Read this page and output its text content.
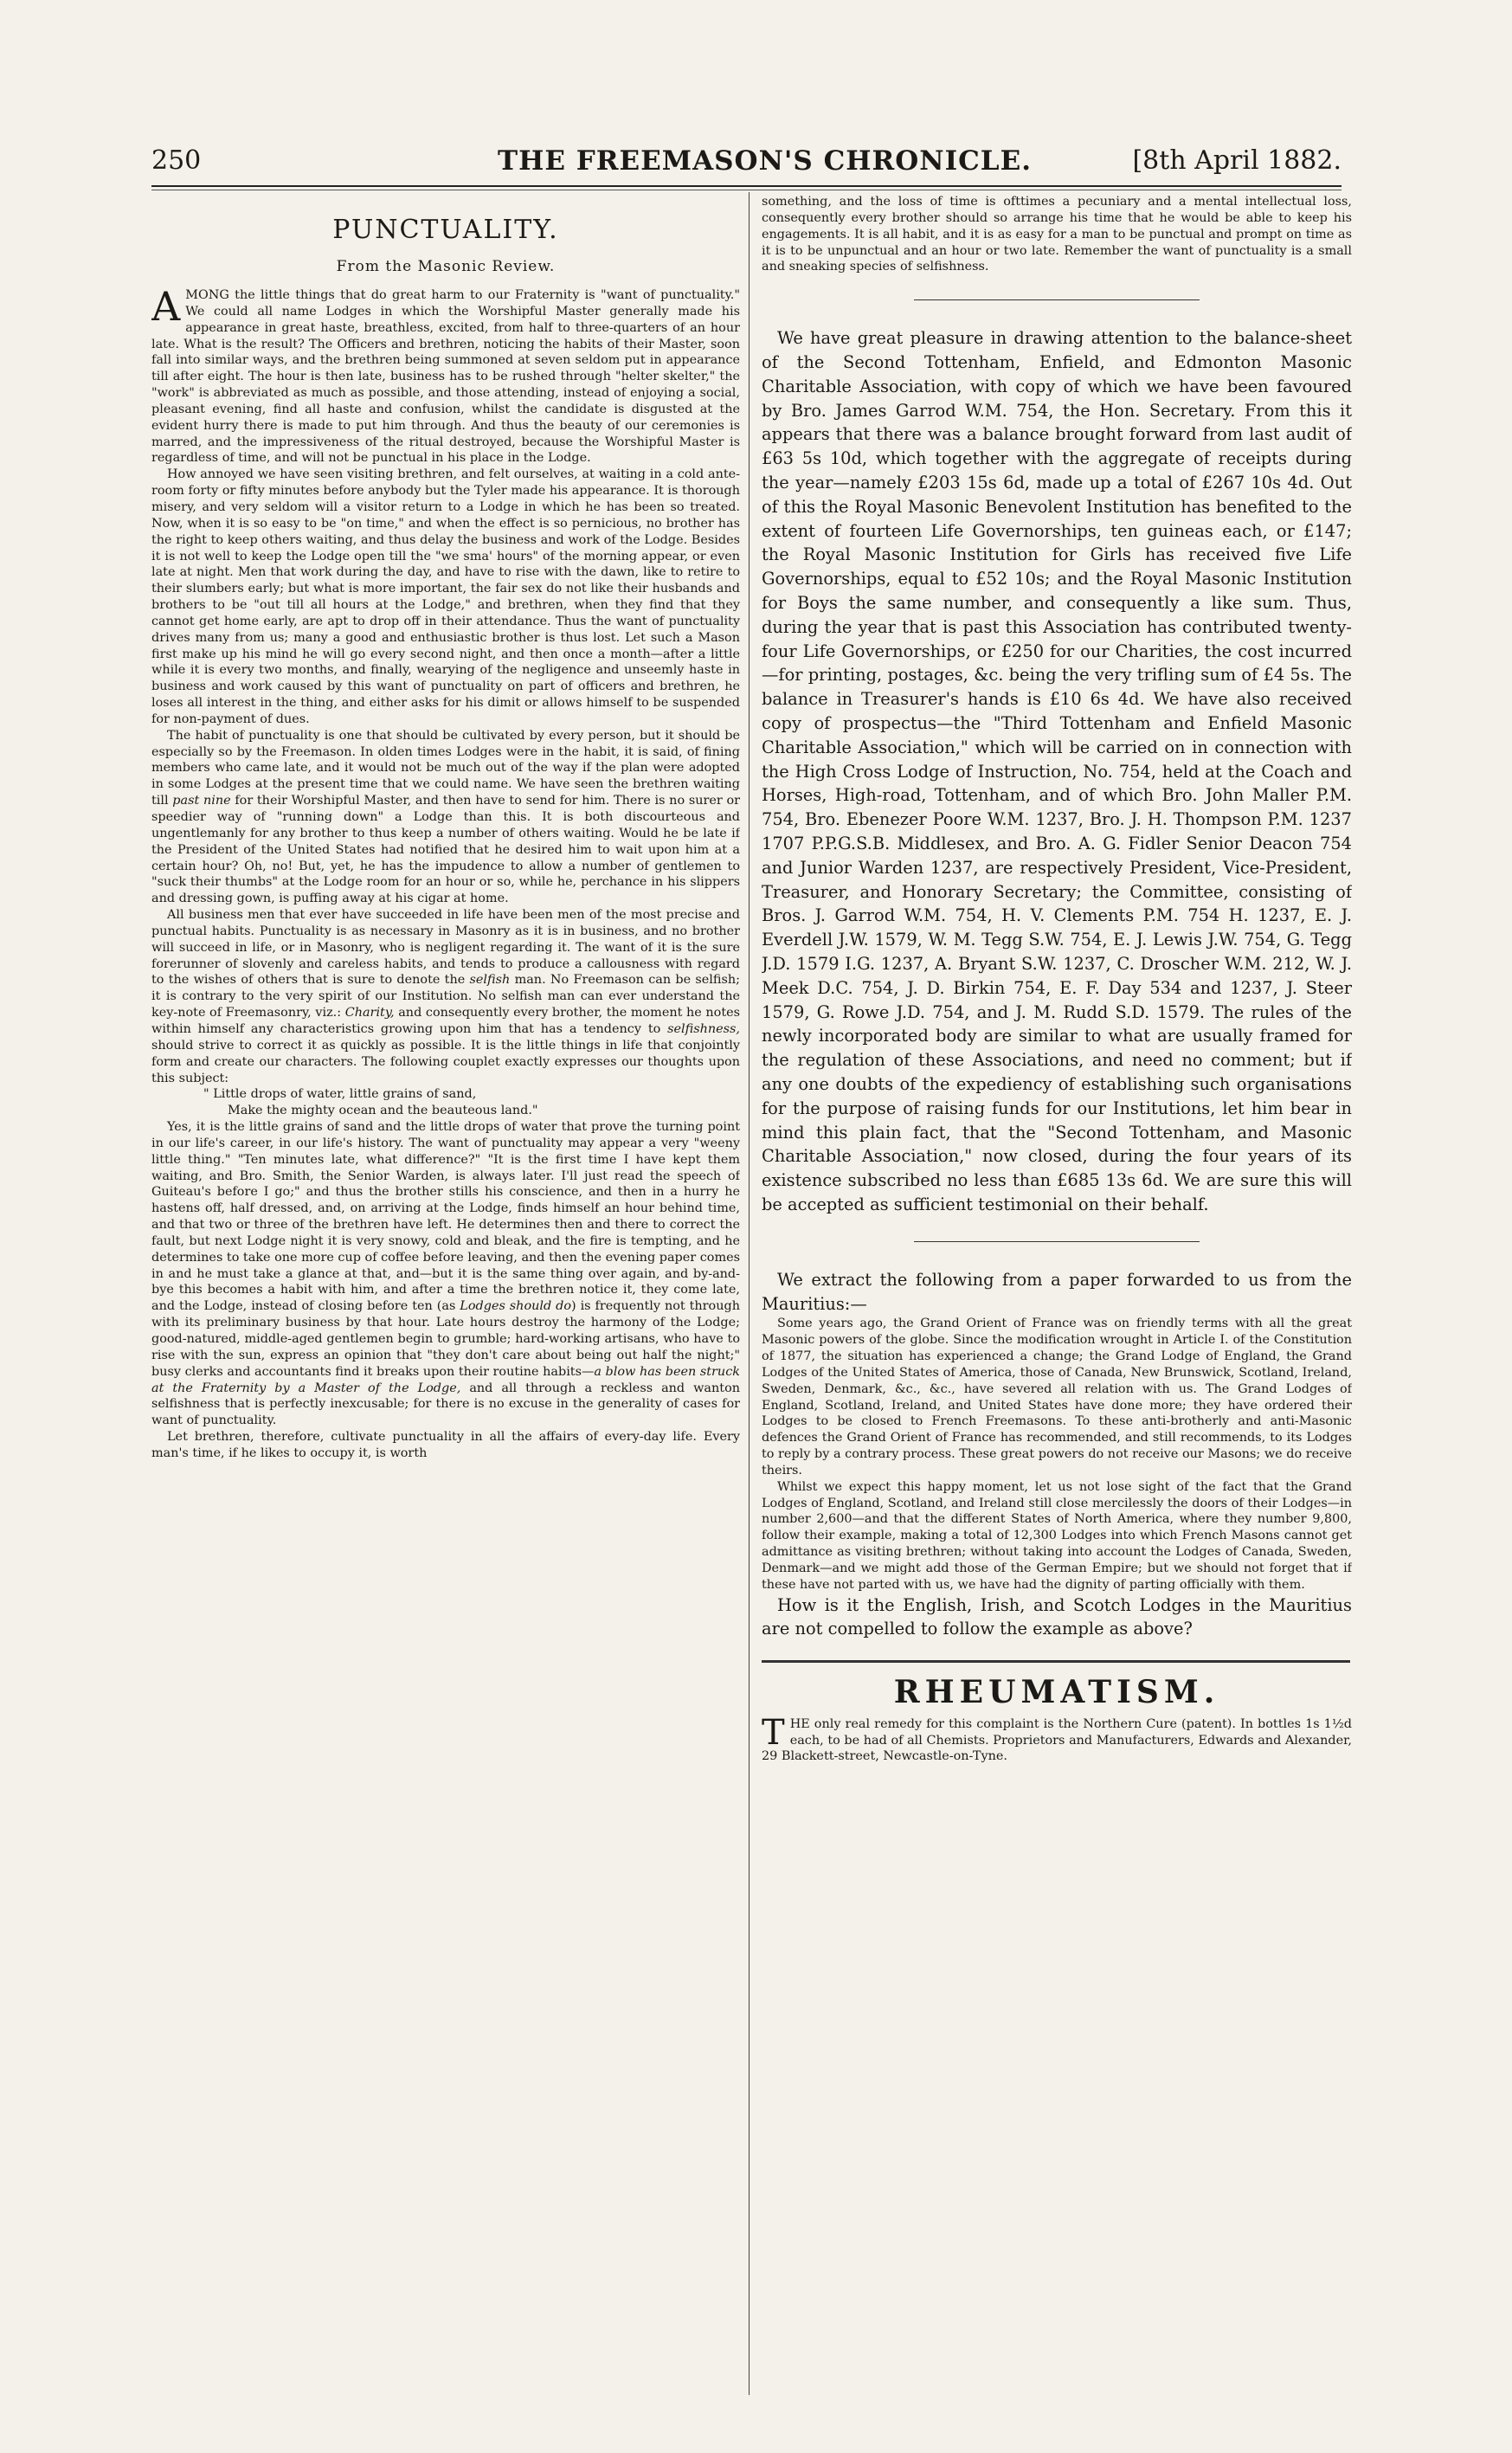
250	THE FREEMASON'S CHRONICLE.	[8th April 1882.
PUNCTUALITY.
From the Masonic Review.

AMONG the little things that do great harm to our Fraternity is "want of punctuality." We could all name Lodges in which the Worshipful Master generally made his appearance in great haste, breathless, excited, from half to three-quarters of an hour late. What is the result? The Officers and brethren, noticing the habits of their Master, soon fall into similar ways, and the brethren being summoned at seven seldom put in appearance till after eight. The hour is then late, business has to be rushed through "helter skelter," the "work" is abbreviated as much as possible, and those attending, instead of enjoying a social, pleasant evening, find all haste and confusion, whilst the candidate is disgusted at the evident hurry there is made to put him through. And thus the beauty of our ceremonies is marred, and the impressiveness of the ritual destroyed, because the Worshipful Master is regardless of time, and will not be punctual in his place in the Lodge.

How annoyed we have seen visiting brethren, and felt ourselves, at waiting in a cold ante-room forty or fifty minutes before anybody but the Tyler made his appearance. It is thorough misery, and very seldom will a visitor return to a Lodge in which he has been so treated. Now, when it is so easy to be "on time," and when the effect is so pernicious, no brother has the right to keep others waiting, and thus delay the business and work of the Lodge. Besides it is not well to keep the Lodge open till the "we sma' hours" of the morning appear, or even late at night. Men that work during the day, and have to rise with the dawn, like to retire to their slumbers early; but what is more important, the fair sex do not like their husbands and brothers to be "out till all hours at the Lodge," and brethren, when they find that they cannot get home early, are apt to drop off in their attendance. Thus the want of punctuality drives many from us; many a good and enthusiastic brother is thus lost. Let such a Mason first make up his mind he will go every second night, and then once a month—after a little while it is every two months, and finally, wearying of the negligence and unseemly haste in business and work caused by this want of punctuality on part of officers and brethren, he loses all interest in the thing, and either asks for his dimit or allows himself to be suspended for non-payment of dues.

The habit of punctuality is one that should be cultivated by every person, but it should be especially so by the Freemason. In olden times Lodges were in the habit, it is said, of fining members who came late, and it would not be much out of the way if the plan were adopted in some Lodges at the present time that we could name. We have seen the brethren waiting till past nine for their Worshipful Master, and then have to send for him. There is no surer or speedier way of "running down" a Lodge than this. It is both discourteous and ungentlemanly for any brother to thus keep a number of others waiting. Would he be late if the President of the United States had notified that he desired him to wait upon him at a certain hour? Oh, no! But, yet, he has the impudence to allow a number of gentlemen to "suck their thumbs" at the Lodge room for an hour or so, while he, perchance in his slippers and dressing gown, is puffing away at his cigar at home.

All business men that ever have succeeded in life have been men of the most precise and punctual habits. Punctuality is as necessary in Masonry as it is in business, and no brother will succeed in life, or in Masonry, who is negligent regarding it. The want of it is the sure forerunner of slovenly and careless habits, and tends to produce a callousness with regard to the wishes of others that is sure to denote the selfish man. No Freemason can be selfish; it is contrary to the very spirit of our Institution. No selfish man can ever understand the key-note of Freemasonry, viz.: Charity, and consequently every brother, the moment he notes within himself any characteristics growing upon him that has a tendency to selfishness, should strive to correct it as quickly as possible. It is the little things in life that conjointly form and create our characters. The following couplet exactly expresses our thoughts upon this subject:

" Little drops of water, little grains of sand,

Make the mighty ocean and the beauteous land."

Yes, it is the little grains of sand and the little drops of water that prove the turning point in our life's career, in our life's history. The want of punctuality may appear a very "weeny little thing." "Ten minutes late, what difference?" "It is the first time I have kept them waiting, and Bro. Smith, the Senior Warden, is always later. I'll just read the speech of Guiteau's before I go;" and thus the brother stills his conscience, and then in a hurry he hastens off, half dressed, and, on arriving at the Lodge, finds himself an hour behind time, and that two or three of the brethren have left. He determines then and there to correct the fault, but next Lodge night it is very snowy, cold and bleak, and the fire is tempting, and he determines to take one more cup of coffee before leaving, and then the evening paper comes in and he must take a glance at that, and—but it is the same thing over again, and by-and-bye this becomes a habit with him, and after a time the brethren notice it, they come late, and the Lodge, instead of closing before ten (as Lodges should do) is frequently not through with its preliminary business by that hour. Late hours destroy the harmony of the Lodge; good-natured, middle-aged gentlemen begin to grumble; hard-working artisans, who have to rise with the sun, express an opinion that "they don't care about being out half the night;" busy clerks and accountants find it breaks upon their routine habits—a blow has been struck at the Fraternity by a Master of the Lodge, and all through a reckless and wanton selfishness that is perfectly inexcusable; for there is no excuse in the generality of cases for want of punctuality.

Let brethren, therefore, cultivate punctuality in all the affairs of every-day life. Every man's time, if he likes to occupy it, is worth

something, and the loss of time is ofttimes a pecuniary and a mental intellectual loss, consequently every brother should so arrange his time that he would be able to keep his engagements. It is all habit, and it is as easy for a man to be punctual and prompt on time as it is to be unpunctual and an hour or two late. Remember the want of punctuality is a small and sneaking species of selfishness.

We have great pleasure in drawing attention to the balance-sheet of the Second Tottenham, Enfield, and Edmonton Masonic Charitable Association, with copy of which we have been favoured by Bro. James Garrod W.M. 754, the Hon. Secretary. From this it appears that there was a balance brought forward from last audit of £63 5s 10d, which together with the aggregate of receipts during the year—namely £203 15s 6d, made up a total of £267 10s 4d. Out of this the Royal Masonic Benevolent Institution has benefited to the extent of fourteen Life Governorships, ten guineas each, or £147; the Royal Masonic Institution for Girls has received five Life Governorships, equal to £52 10s; and the Royal Masonic Institution for Boys the same number, and consequently a like sum. Thus, during the year that is past this Association has contributed twenty-four Life Governorships, or £250 for our Charities, the cost incurred—for printing, postages, &c. being the very trifling sum of £4 5s. The balance in Treasurer's hands is £10 6s 4d. We have also received copy of prospectus—the "Third Tottenham and Enfield Masonic Charitable Association," which will be carried on in connection with the High Cross Lodge of Instruction, No. 754, held at the Coach and Horses, High-road, Tottenham, and of which Bro. John Maller P.M. 754, Bro. Ebenezer Poore W.M. 1237, Bro. J. H. Thompson P.M. 1237 1707 P.P.G.S.B. Middlesex, and Bro. A. G. Fidler Senior Deacon 754 and Junior Warden 1237, are respectively President, Vice-President, Treasurer, and Honorary Secretary; the Committee, consisting of Bros. J. Garrod W.M. 754, H. V. Clements P.M. 754 H. 1237, E. J. Everdell J.W. 1579, W. M. Tegg S.W. 754, E. J. Lewis J.W. 754, G. Tegg J.D. 1579 I.G. 1237, A. Bryant S.W. 1237, C. Droscher W.M. 212, W. J. Meek D.C. 754, J. D. Birkin 754, E. F. Day 534 and 1237, J. Steer 1579, G. Rowe J.D. 754, and J. M. Rudd S.D. 1579. The rules of the newly incorporated body are similar to what are usually framed for the regulation of these Associations, and need no comment; but if any one doubts of the expediency of establishing such organisations for the purpose of raising funds for our Institutions, let him bear in mind this plain fact, that the "Second Tottenham, and Masonic Charitable Association," now closed, during the four years of its existence subscribed no less than £685 13s 6d. We are sure this will be accepted as sufficient testimonial on their behalf.

We extract the following from a paper forwarded to us from the Mauritius:—

Some years ago, the Grand Orient of France was on friendly terms with all the great Masonic powers of the globe. Since the modification wrought in Article I. of the Constitution of 1877, the situation has experienced a change; the Grand Lodge of England, the Grand Lodges of the United States of America, those of Canada, New Brunswick, Scotland, Ireland, Sweden, Denmark, &c., &c., have severed all relation with us. The Grand Lodges of England, Scotland, Ireland, and United States have done more; they have ordered their Lodges to be closed to French Freemasons. To these anti-brotherly and anti-Masonic defences the Grand Orient of France has recommended, and still recommends, to its Lodges to reply by a contrary process. These great powers do not receive our Masons; we do receive theirs.

Whilst we expect this happy moment, let us not lose sight of the fact that the Grand Lodges of England, Scotland, and Ireland still close mercilessly the doors of their Lodges—in number 2,600—and that the different States of North America, where they number 9,800, follow their example, making a total of 12,300 Lodges into which French Masons cannot get admittance as visiting brethren; without taking into account the Lodges of Canada, Sweden, Denmark—and we might add those of the German Empire; but we should not forget that if these have not parted with us, we have had the dignity of parting officially with them.

How is it the English, Irish, and Scotch Lodges in the Mauritius are not compelled to follow the example as above?

RHEUMATISM.

THE only real remedy for this complaint is the Northern Cure (patent). In bottles 1s 1½d each, to be had of all Chemists. Proprietors and Manufacturers, Edwards and Alexander, 29 Blackett-street, Newcastle-on-Tyne.
